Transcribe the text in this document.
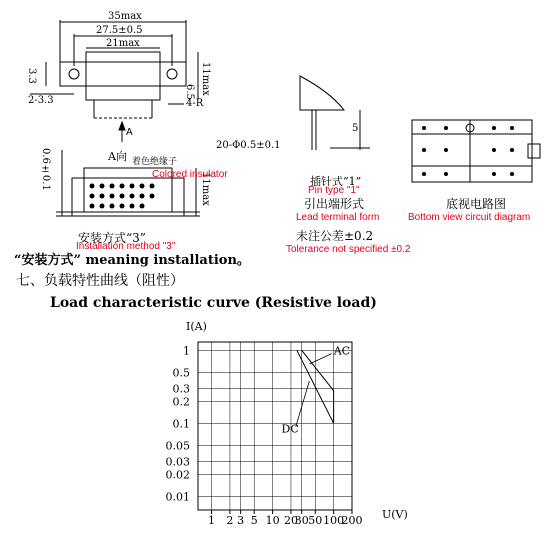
35max
27.5±0.5
21max
3.3	11max
6.5
4-R
2-3.3
A
A向
0.6±0.1	11max
着色绝缘子
Colored insulator
安装方式“3”
Installation method "3"
20-Φ0.5±0.1
5
插针式“1”
Pin type "1"
引出端形式
Lead terminal form
底视电路图
Bottom view circuit diagram
未注公差±0.2
Tolerance not specified ±0.2
“安装方式” meaning installation。
七、负载特性曲线（阻性）
Load characteristic curve (Resistive load)
1 2 3 5 10 20
30 50 100
200
1
0.5
0.3
0.2
0.1
0.05
0.03
0.02
0.01
I(A)
U(V)
AC
DC
